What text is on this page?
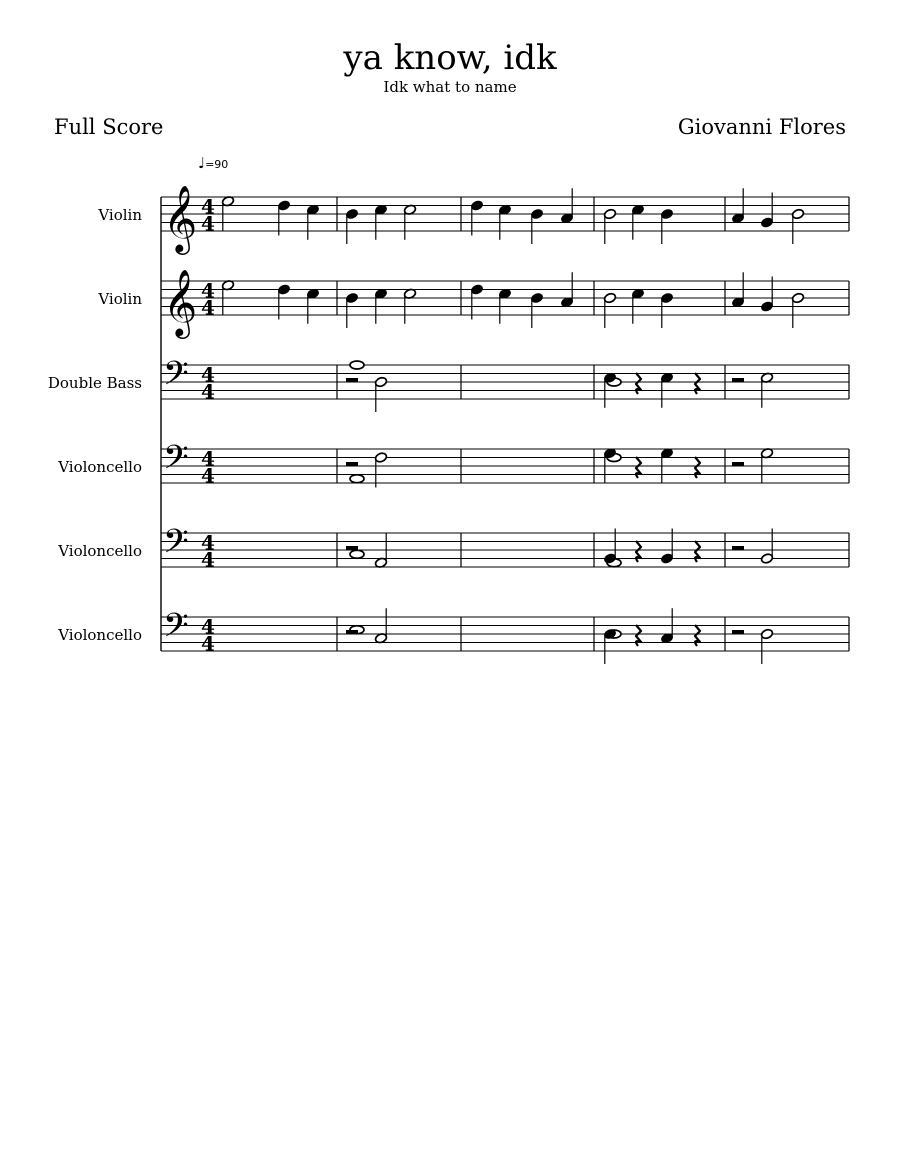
ya know, idk
Idk what to name
Full Score	Giovanni Flores
♩=90
Violin
Violin
Double Bass
Violoncello
Violoncello
Violoncello
𝄞 4
4
𝄞 4
4
𝄢 4
4
𝄢 4
4
𝄢 4
4
𝄢 4
4
